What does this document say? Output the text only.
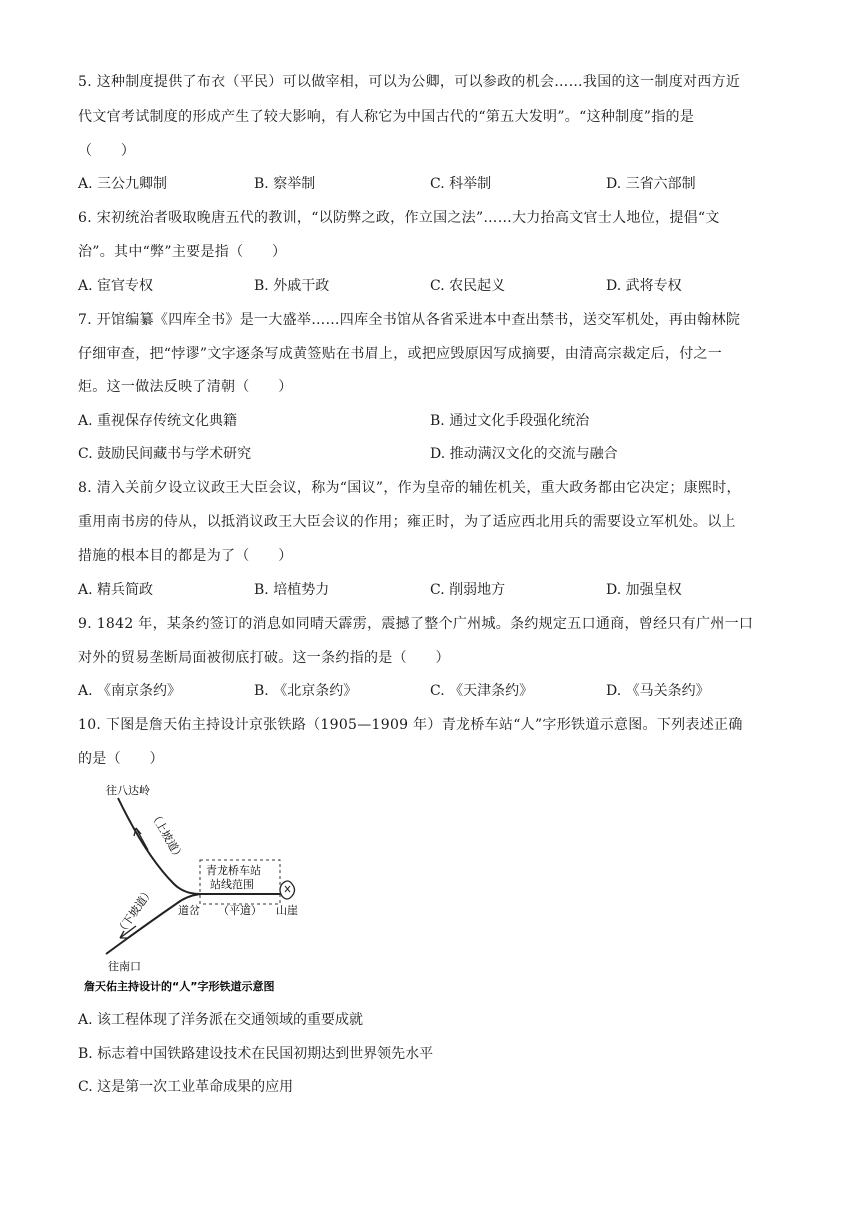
5. 这种制度提供了布衣（平民）可以做宰相，可以为公卿，可以参政的机会……我国的这一制度对西方近
代文官考试制度的形成产生了较大影响，有人称它为中国古代的“第五大发明”。“这种制度”指的是
（　　）
A. 三公九卿制	B. 察举制	C. 科举制	D. 三省六部制
6. 宋初统治者吸取晚唐五代的教训，“以防弊之政，作立国之法”……大力抬高文官士人地位，提倡“文
治”。其中“弊”主要是指（　　）
A. 宦官专权	B. 外戚干政	C. 农民起义	D. 武将专权
7. 开馆编纂《四库全书》是一大盛举……四库全书馆从各省采进本中查出禁书，送交军机处，再由翰林院
仔细审查，把“悖谬”文字逐条写成黄签贴在书眉上，或把应毁原因写成摘要，由清高宗裁定后，付之一
炬。这一做法反映了清朝（　　）
A. 重视保存传统文化典籍	B. 通过文化手段强化统治
C. 鼓励民间藏书与学术研究	D. 推动满汉文化的交流与融合
8. 清入关前夕设立议政王大臣会议，称为“国议”，作为皇帝的辅佐机关，重大政务都由它决定；康熙时，
重用南书房的侍从，以抵消议政王大臣会议的作用；雍正时，为了适应西北用兵的需要设立军机处。以上
措施的根本目的都是为了（　　）
A. 精兵简政	B. 培植势力	C. 削弱地方	D. 加强皇权
9. 1842 年，某条约签订的消息如同晴天霹雳，震撼了整个广州城。条约规定五口通商，曾经只有广州一口
对外的贸易垄断局面被彻底打破。这一条约指的是（　　）
A. 《南京条约》	B. 《北京条约》	C. 《天津条约》	D. 《马关条约》
10. 下图是詹天佑主持设计京张铁路（1905—1909 年）青龙桥车站“人”字形铁道示意图。下列表述正确
的是（　　）
往八达岭
（上坡道）
青龙桥车站
站线范围
（平道）
道岔
（下坡道）	山崖
往南口
詹天佑主持设计的“人”字形铁道示意图
A. 该工程体现了洋务派在交通领域的重要成就
B. 标志着中国铁路建设技术在民国初期达到世界领先水平
C. 这是第一次工业革命成果的应用
